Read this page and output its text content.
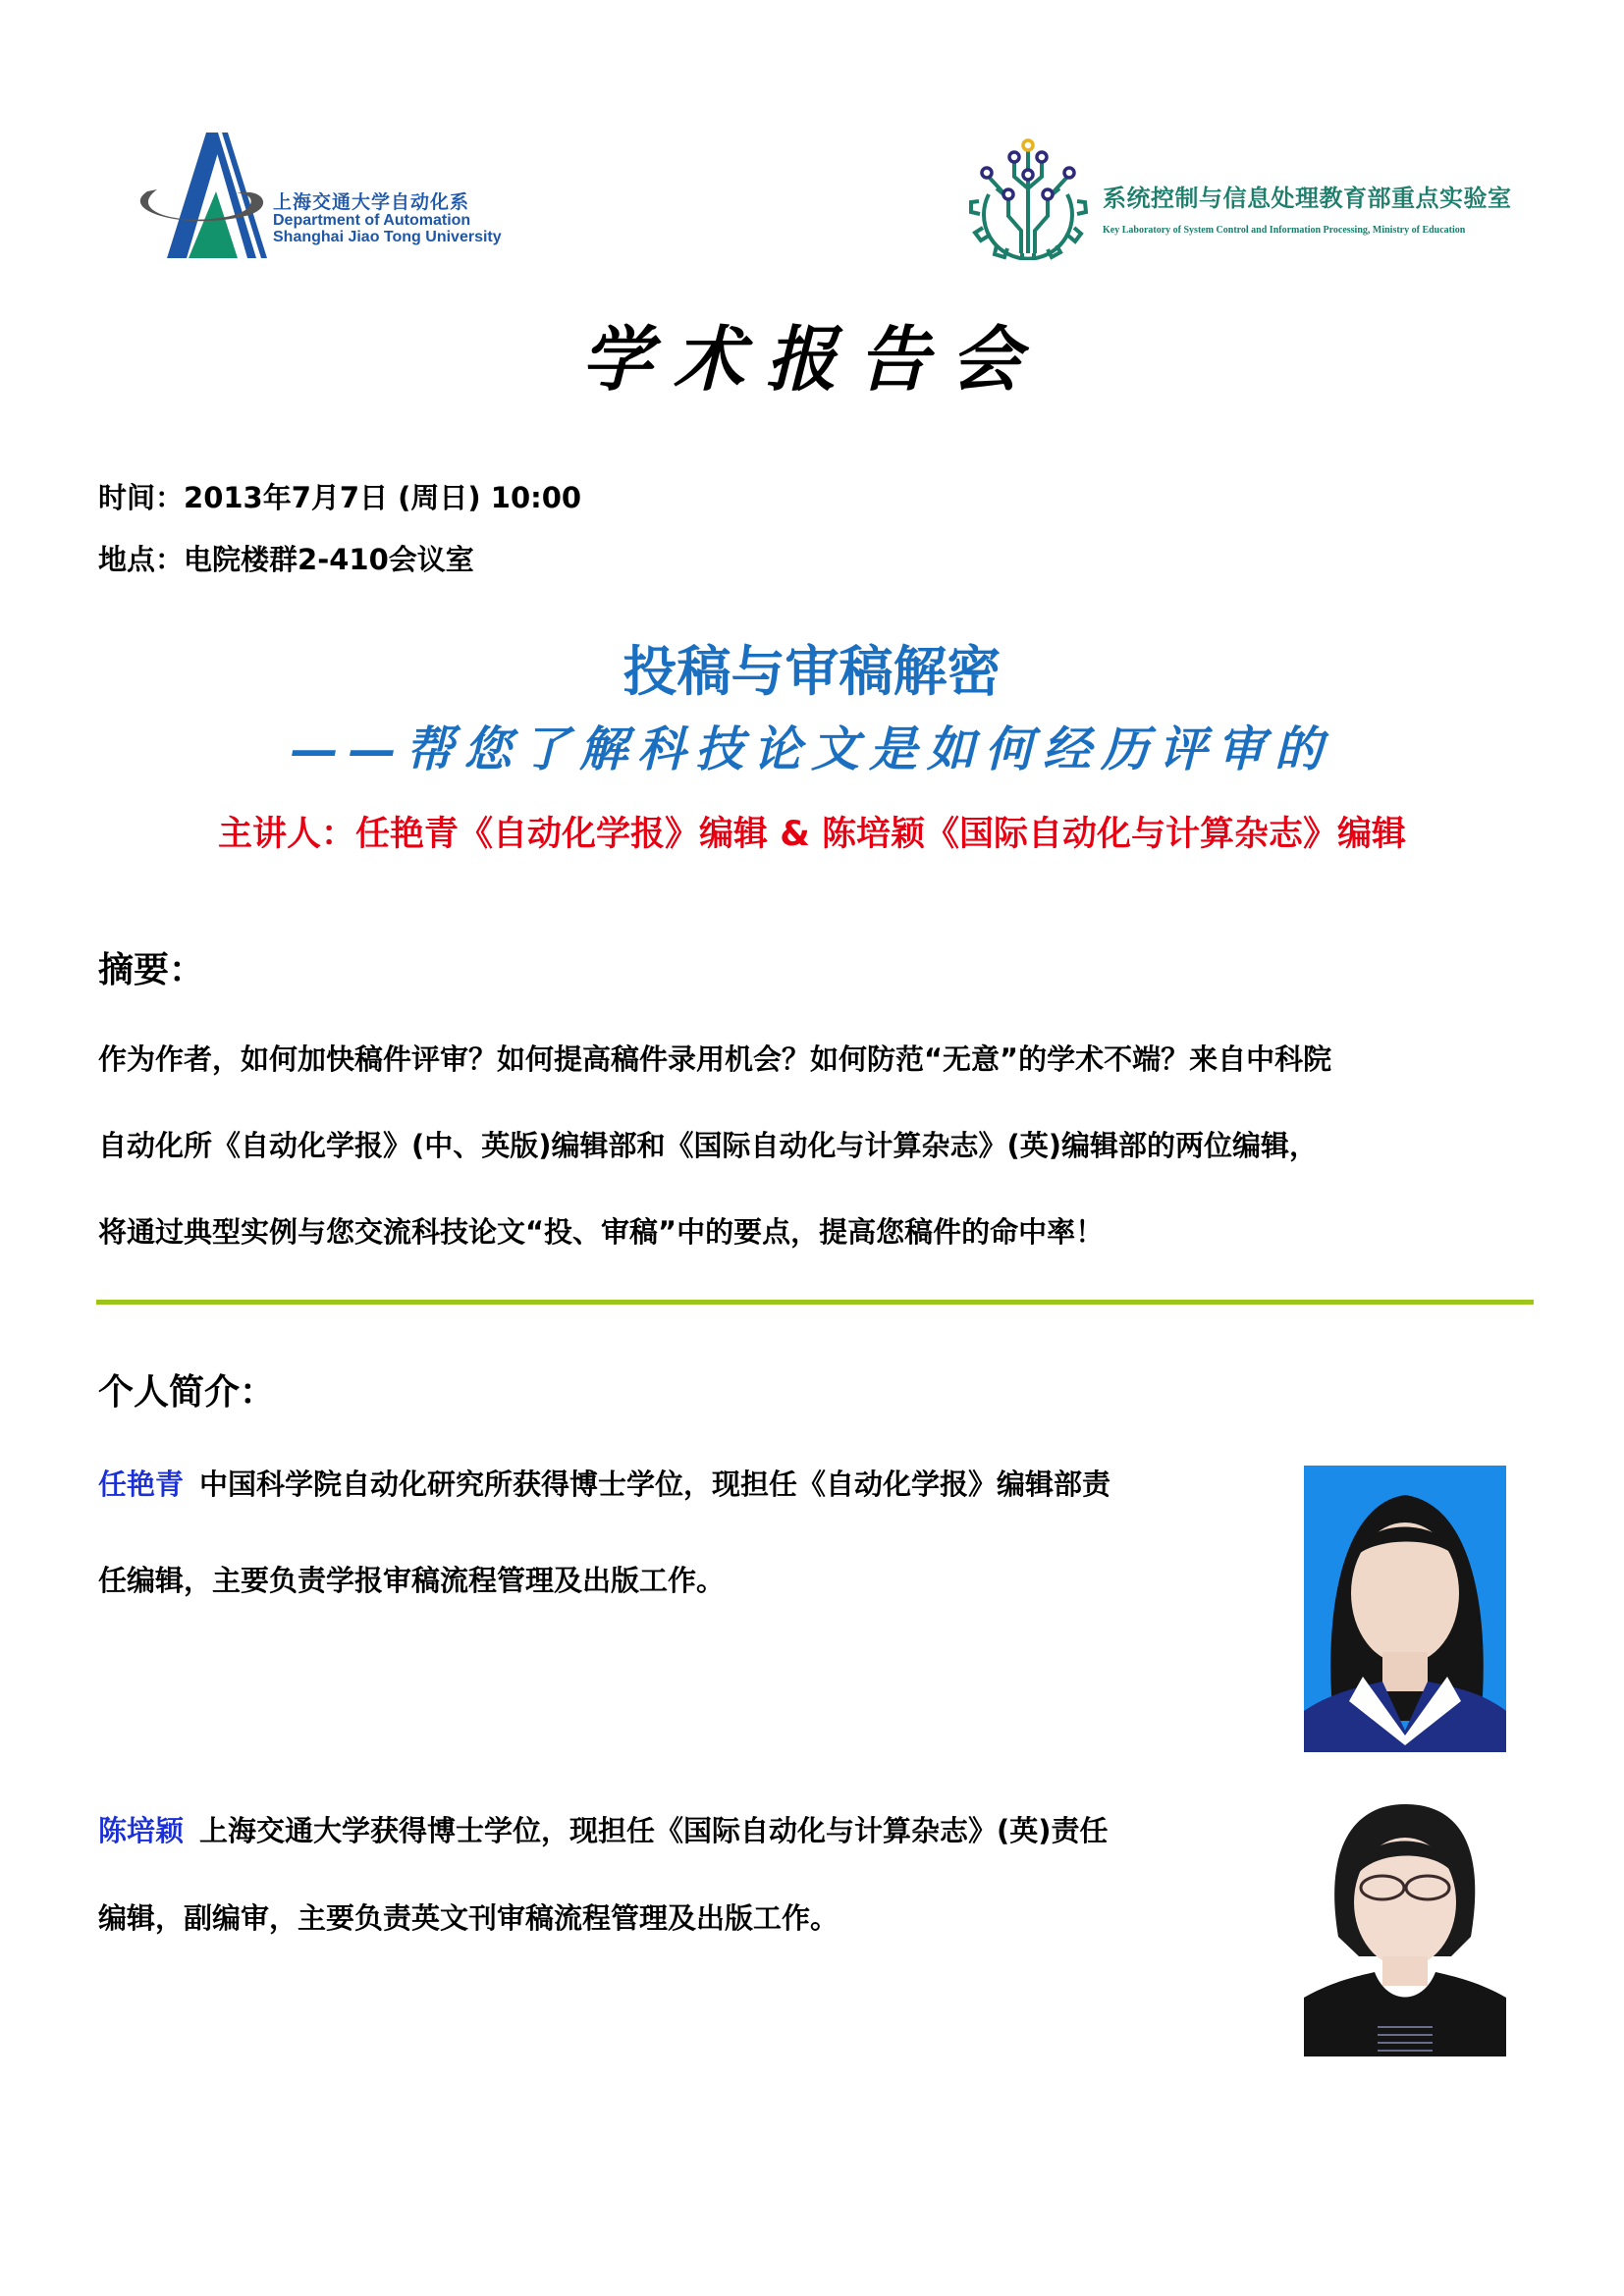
上海交通大学自动化系
Department of Automation
Shanghai Jiao Tong University
系统控制与信息处理教育部重点实验室
Key Laboratory of System Control and Information Processing, Ministry of Education
学术报告会
时间：2013年7月7日 (周日) 10:00
地点：电院楼群2-410会议室
投稿与审稿解密
——帮您了解科技论文是如何经历评审的
主讲人：任艳青《自动化学报》编辑 & 陈培颖《国际自动化与计算杂志》编辑
摘要：
作为作者，如何加快稿件评审？如何提高稿件录用机会？如何防范“无意”的学术不端？来自中科院
自动化所《自动化学报》(中、英版)编辑部和《国际自动化与计算杂志》(英)编辑部的两位编辑，
将通过典型实例与您交流科技论文“投、审稿”中的要点，提高您稿件的命中率！
个人简介：
任艳青 中国科学院自动化研究所获得博士学位，现担任《自动化学报》编辑部责
任编辑，主要负责学报审稿流程管理及出版工作。
陈培颖 上海交通大学获得博士学位，现担任《国际自动化与计算杂志》(英)责任
编辑，副编审，主要负责英文刊审稿流程管理及出版工作。
